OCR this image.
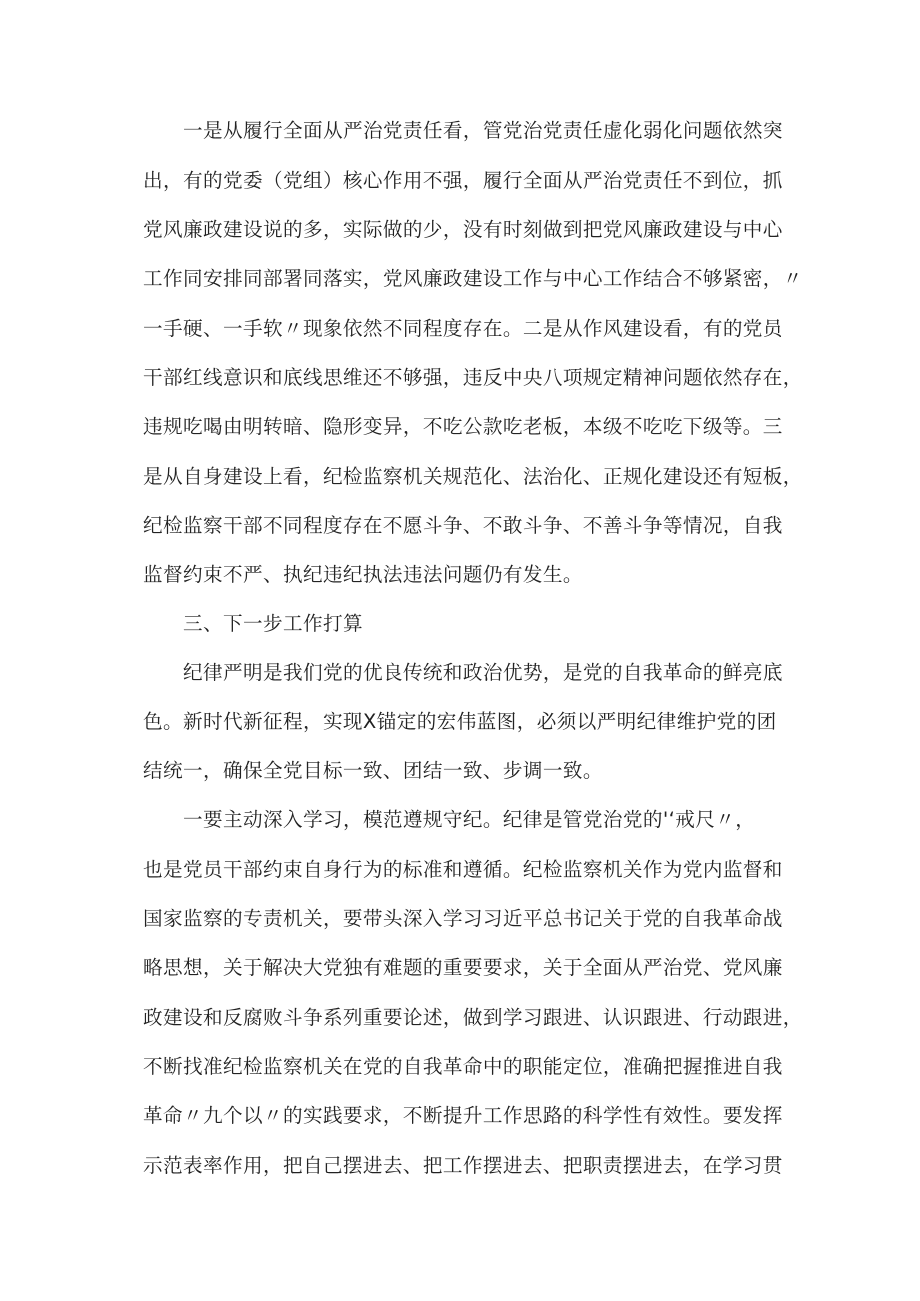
一是从履行全面从严治党责任看，管党治党责任虚化弱化问题依然突

出，有的党委（党组）核心作用不强，履行全面从严治党责任不到位，抓

党风廉政建设说的多，实际做的少，没有时刻做到把党风廉政建设与中心

工作同安排同部署同落实，党风廉政建设工作与中心工作结合不够紧密，〃

一手硬、一手软〃现象依然不同程度存在。二是从作风建设看，有的党员

干部红线意识和底线思维还不够强，违反中央八项规定精神问题依然存在，

违规吃喝由明转暗、隐形变异，不吃公款吃老板，本级不吃吃下级等。三

是从自身建设上看，纪检监察机关规范化、法治化、正规化建设还有短板，

纪检监察干部不同程度存在不愿斗争、不敢斗争、不善斗争等情况，自我

监督约束不严、执纪违纪执法违法问题仍有发生。

三、下一步工作打算

纪律严明是我们党的优良传统和政治优势，是党的自我革命的鲜亮底

色。新时代新征程，实现X锚定的宏伟蓝图，必须以严明纪律维护党的团

结统一，确保全党目标一致、团结一致、步调一致。

一要主动深入学习，模范遵规守纪。纪律是管党治党的'‘戒尺〃，

也是党员干部约束自身行为的标准和遵循。纪检监察机关作为党内监督和

国家监察的专责机关，要带头深入学习习近平总书记关于党的自我革命战

略思想，关于解决大党独有难题的重要要求，关于全面从严治党、党风廉

政建设和反腐败斗争系列重要论述，做到学习跟进、认识跟进、行动跟进，

不断找准纪检监察机关在党的自我革命中的职能定位，准确把握推进自我

革命〃九个以〃的实践要求，不断提升工作思路的科学性有效性。要发挥

示范表率作用，把自己摆进去、把工作摆进去、把职责摆进去，在学习贯
